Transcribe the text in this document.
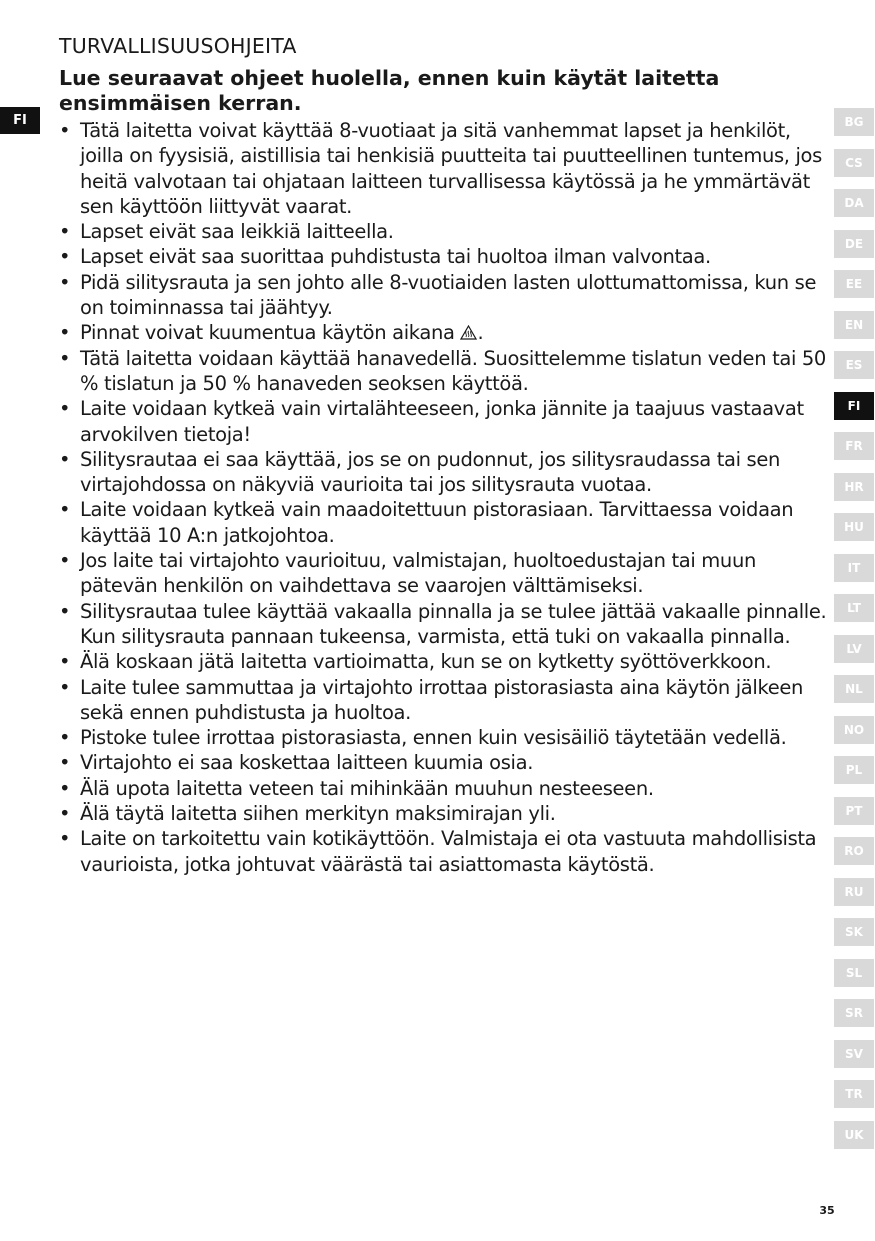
FI
TURVALLISUUSOHJEITA
Lue seuraavat ohjeet huolella, ennen kuin käytät laitetta ensimmäisen kerran.
• Tätä laitetta voivat käyttää 8-vuotiaat ja sitä vanhemmat lapset ja henkilöt, joilla on fyysisiä, aistillisia tai henkisiä puutteita tai puutteellinen tuntemus, jos heitä valvotaan tai ohjataan laitteen turvallisessa käytössä ja he ymmärtävät sen käyttöön liittyvät vaarat.
• Lapset eivät saa leikkiä laitteella.
• Lapset eivät saa suorittaa puhdistusta tai huoltoa ilman valvontaa.
• Pidä silitysrauta ja sen johto alle 8-vuotiaiden lasten ulottumattomissa, kun se on toiminnassa tai jäähtyy.
• Pinnat voivat kuumentua käytön aikana .
• Tätä laitetta voidaan käyttää hanavedellä. Suosittelemme tislatun veden tai 50 % tislatun ja 50 % hanaveden seoksen käyttöä.
• Laite voidaan kytkeä vain virtalähteeseen, jonka jännite ja taajuus vastaavat arvokilven tietoja!
• Silitysrautaa ei saa käyttää, jos se on pudonnut, jos silitysraudassa tai sen virtajohdossa on näkyviä vaurioita tai jos silitysrauta vuotaa.
• Laite voidaan kytkeä vain maadoitettuun pistorasiaan. Tarvittaessa voidaan käyttää 10 A:n jatkojohtoa.
• Jos laite tai virtajohto vaurioituu, valmistajan, huoltoedustajan tai muun pätevän henkilön on vaihdettava se vaarojen välttämiseksi.
• Silitysrautaa tulee käyttää vakaalla pinnalla ja se tulee jättää vakaalle pinnalle. Kun silitysrauta pannaan tukeensa, varmista, että tuki on vakaalla pinnalla.
• Älä koskaan jätä laitetta vartioimatta, kun se on kytketty syöttöverkkoon.
• Laite tulee sammuttaa ja virtajohto irrottaa pistorasiasta aina käytön jälkeen sekä ennen puhdistusta ja huoltoa.
• Pistoke tulee irrottaa pistorasiasta, ennen kuin vesisäiliö täytetään vedellä.
• Virtajohto ei saa koskettaa laitteen kuumia osia.
• Älä upota laitetta veteen tai mihinkään muuhun nesteeseen.
• Älä täytä laitetta siihen merkityn maksimirajan yli.
• Laite on tarkoitettu vain kotikäyttöön. Valmistaja ei ota vastuuta mahdollisista vaurioista, jotka johtuvat väärästä tai asiattomasta käytöstä.
BG
CS
DA
DE
EE
EN
ES
FI
FR
HR
HU
IT
LT
LV
NL
NO
PL
PT
RO
RU
SK
SL
SR
SV
TR
UK
35
